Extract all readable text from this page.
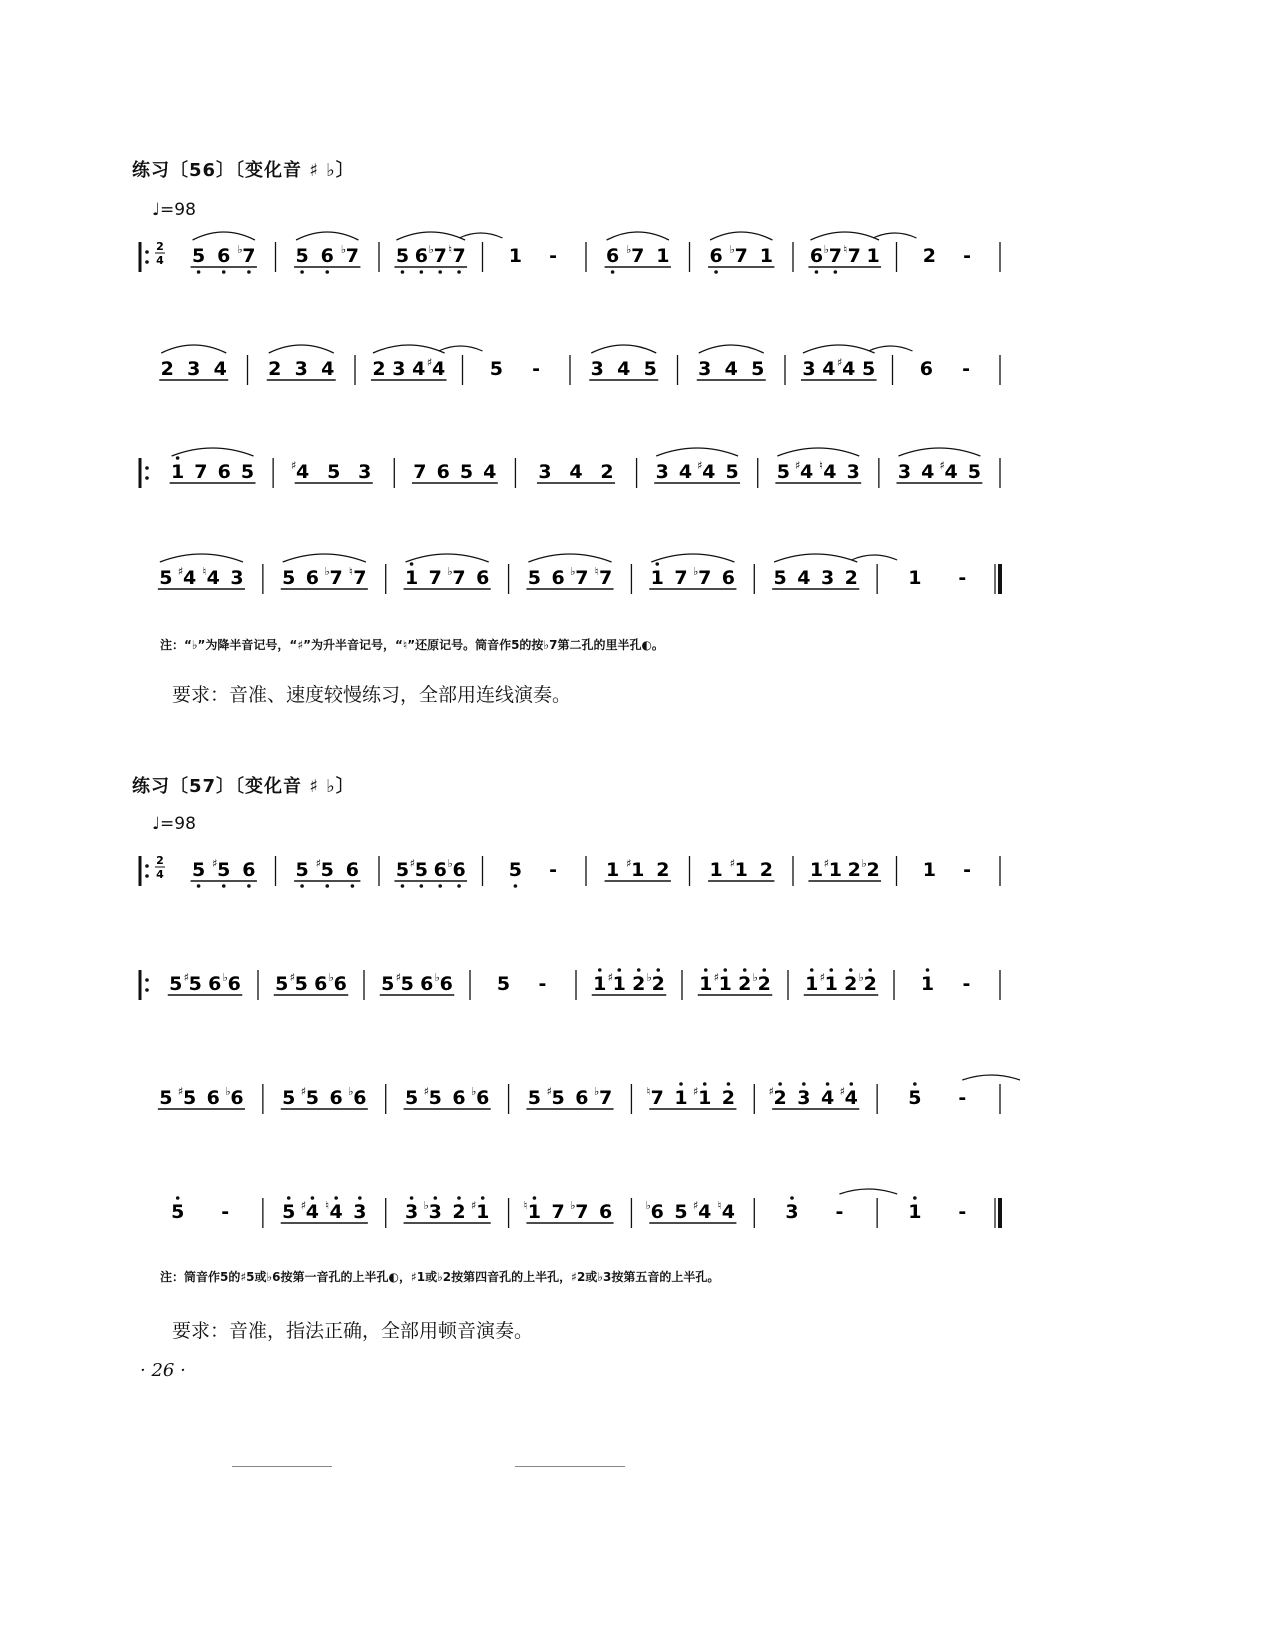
练习〔56〕〔变化音 ♯ ♭〕
♩=98
2
4 5 6 ♭ 7 5 6 ♭ 7 5 6 ♭ 7 ♮ 7 1 -	6 ♭ 7 1 6 ♭ 7 1 6 ♭ 7 ♮ 7 1 2 -
2 3 4 2 3 4 2 3 4 ♯ 4 5 -	3 4 5 3 4 5 3 4 ♯ 4 5 6 -
1 7 6 5	♯ 4 5 3 7 6 5 4 3 4 2 3 4 ♯ 4 5 5 ♯ 4 ♮ 4 3 3 4 ♯ 4 5
5 ♯ 4 ♮ 4 3 5 6 ♭ 7 ♮ 7 1 7 ♭ 7 6 5 6 ♭ 7 ♮ 7 1 7 ♭ 7 6 5 4 3 2	1 -
注：“♭”为降半音记号，“♯”为升半音记号，“♮”还原记号。筒音作5的按♭7第二孔的里半孔◐。
要求：音准、速度较慢练习，全部用连线演奏。
练习〔57〕〔变化音 ♯ ♭〕
♩=98
2
4 5 ♯ 5 6 5 ♯ 5 6 5 ♯ 5 6 ♭ 6 5 -	1 ♯ 1 2 1 ♯ 1 2 1 ♯ 1 2 ♭ 2 1 -
5 ♯ 5 6 ♭ 6 5 ♯ 5 6 ♭ 6 5 ♯ 5 6 ♭ 6 5 - 1 ♯ 1 2 ♭ 2 1 ♯ 1 2 ♭ 2 1 ♯ 1 2 ♭ 2 1 -
5 ♯ 5 6 ♭ 6 5 ♯ 5 6 ♭ 6 5 ♯ 5 6 ♭ 6 5 ♯ 5 6 ♭ 7	♮ 7 1 ♯ 1 2	♯ 2 3 4 ♯ 4	5 -
5 -	5 ♯ 4 ♮ 4 3 3 ♭ 3 2 ♯ 1	♮ 1 7 ♭ 7 6	♭ 6 5 ♯ 4 ♮ 4	3 -	1 -
注：筒音作5的♯5或♭6按第一音孔的上半孔◐，♯1或♭2按第四音孔的上半孔，♯2或♭3按第五音的上半孔。
要求：音准，指法正确，全部用顿音演奏。
· 26 ·
